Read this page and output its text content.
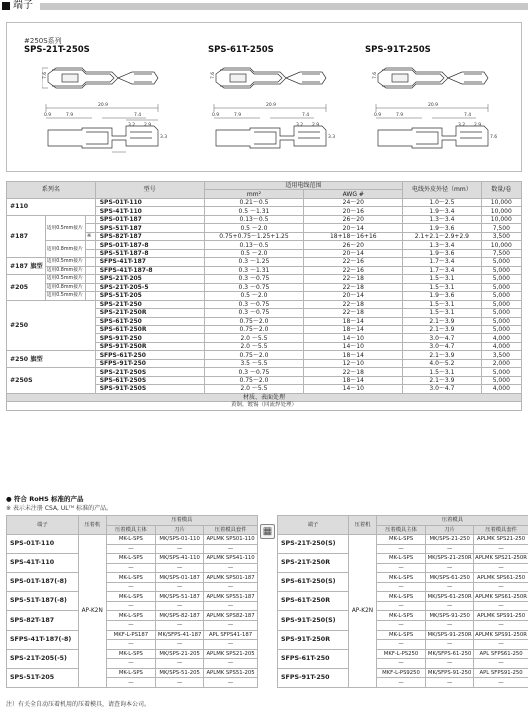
端子
#250S系列
SPS-21T-250S	SPS-61T-250S	SPS-91T-250S
7.6
20.9
0.9	7.9	7.4
3.2 2.9
3.3
7.6
20.9
0.9	7.9	7.4
3.2 2.9
3.3
7.6
20.9
0.9	7.9	7.4
3.2 2.9
7.6
系列名			型号	适用电线范围		电线外皮外径（mm）	数量/卷
				mm²	AWG #		
#110			SPS-01T-110	0.21～0.5	24～20	1.0～2.5	10,000
			SPS-41T-110	0.5 ～1.31	20～16	1.9～3.4	10,000
#187	适用0.5mm接片		SPS-01T-187	0.13～0.5	26～20	1.3～3.4	10,000
			SPS-51T-187	0.5 ～2.0	20～14	1.9～3.6	7,500
		※	SPS-82T-187	0.75+0.75～1.25+1.25	18+18～16+16	2.1+2.1～2.9+2.9	3,500
	适用0.8mm接片		SPS-01T-187-8	0.13～0.5	26～20	1.3～3.4	10,000
			SPS-51T-187-8	0.5 ～2.0	20～14	1.9～3.6	7,500
#187 旗型	适用0.5mm接片		SFPS-41T-187	0.3 ～1.25	22～16	1.7～3.4	5,000
	适用0.8mm接片		SFPS-41T-187-8	0.3 ～1.31	22～16	1.7～3.4	5,000
#205	适用0.5mm接片		SPS-21T-205	0.3 ～0.75	22～18	1.5～3.1	5,000
	适用0.8mm接片		SPS-21T-205-5	0.3 ～0.75	22～18	1.5～3.1	5,000
	适用0.5mm接片		SPS-51T-205	0.5 ～2.0	20～14	1.9～3.6	5,000
#250			SPS-21T-250	0.3 ～0.75	22～18	1.5～3.1	5,000
			SPS-21T-250R	0.3 ～0.75	22～18	1.5～3.1	5,000
			SPS-61T-250	0.75～2.0	18～14	2.1～3.9	5,000
			SPS-61T-250R	0.75～2.0	18～14	2.1～3.9	5,000
			SPS-91T-250	2.0 ～5.5	14～10	3.0～4.7	4,000
			SPS-91T-250R	2.0 ～5.5	14～10	3.0～4.7	4,000
#250 旗型			SFPS-61T-250	0.75～2.0	18～14	2.1～3.9	3,500
			SFPS-91T-250	3.5 ～5.5	12～10	4.0～5.2	2,000
#250S			SPS-21T-250S	0.3 ～0.75	22～18	1.5～3.1	5,000
			SPS-61T-250S	0.75～2.0	18～14	2.1～3.9	5,000
			SPS-91T-250S	2.0 ～5.5	14～10	3.0～4.7	4,000
材质、表面处理							
黄铜，镀锡（回流焊处理）							
● 符合 RoHS 标准的产品
※ 表示未注册 CSA, ULᵀᴹ 标准的产品。
端子	压着机	压着模具		
		压着模具主体	刀片	压着模具套件
SPS-01T-110	AP-K2N	MK-L-SPS	MK/SPS-01-110	APLMK SPS01-110
		—	—	—
SPS-41T-110		MK-L-SPS	MK/SPS-41-110	APLMK SPS41-110
		—	—	—
SPS-01T-187(-8)		MK-L-SPS	MK/SPS-01-187	APLMK SPS01-187
		—	—	—
SPS-51T-187(-8)		MK-L-SPS	MK/SPS-51-187	APLMK SPS51-187
		—	—	—
SPS-82T-187		MK-L-SPS	MK/SPS-82-187	APLMK SPS82-187
		—	—	—
SFPS-41T-187(-8)		MKF-L-PS187	MK/SFPS-41-187	APL SFPS41-187
		—	—	—
SPS-21T-205(-5)		MK-L-SPS	MK/SPS-21-205	APLMK SPS21-205
		—	—	—
SPS-51T-205		MK-L-SPS	MK/SPS-51-205	APLMK SPS51-205
		—	—	—
▦
端子	压着机	压着模具		
		压着模具主体	刀片	压着模具套件
SPS-21T-250(S)	AP-K2N	MK-L-SPS	MK/SPS-21-250	APLMK SPS21-250
		—	—	—
SPS-21T-250R		MK-L-SPS	MK/SPS-21-250R	APLMK SPS21-250R
		—	—	—
SPS-61T-250(S)		MK-L-SPS	MK/SPS-61-250	APLMK SPS61-250
		—	—	—
SPS-61T-250R		MK-L-SPS	MK/SPS-61-250R	APLMK SPS61-250R
		—	—	—
SPS-91T-250(S)		MK-L-SPS	MK/SPS-91-250	APLMK SPS91-250
		—	—	—
SPS-91T-250R		MK-L-SPS	MK/SPS-91-250R	APLMK SPS91-250R
		—	—	—
SFPS-61T-250		MKF-L-PS250	MK/SFPS-61-250	APL SFPS61-250
		—	—	—
SFPS-91T-250		MKF-L-PS9250	MK/SFPS-91-250	APL SFPS91-250
		—	—	—
注）有关全自动压着机用的压着模具，请查询本公司。
